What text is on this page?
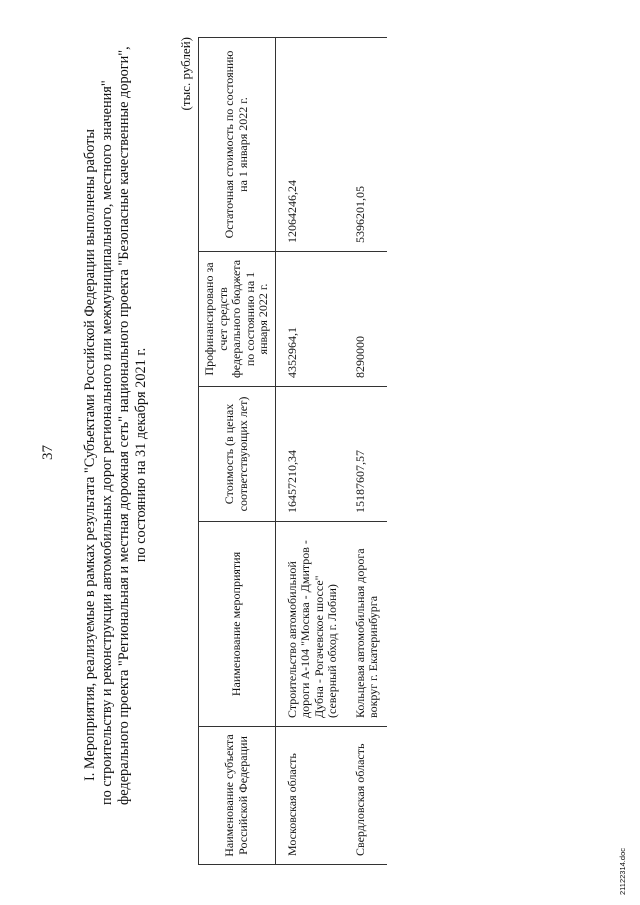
37 I. Мероприятия, реализуемые в рамках результата "Субъектами Российской Федерации выполнены работы по строительству и реконструкции автомобильных дорог регионального или межмуниципального, местного значения" федерального проекта "Региональная и местная дорожная сеть" национального проекта "Безопасные качественные дороги", по состоянию на 31 декабря 2021 г.
(тыс. рублей)
Наименование субъекта Российской Федерации	Наименование мероприятия	Стоимость (в ценах соответствующих лет)	Профинансировано за счет средств федерального бюджета по состоянию на 1 января 2022 г.	Остаточная стоимость по состоянию на 1 января 2022 г.
Московская область	Строительство автомобильной дороги А-104 "Москва - Дмитров - Дубна - Рогачевское шоссе" (северный обход г. Лобни)	16457210,34	4352964,1	12064246,24
Свердловская область	Кольцевая автомобильная дорога вокруг г. Екатеринбурга	15187607,57	8290000	5396201,05
21122314.doc
